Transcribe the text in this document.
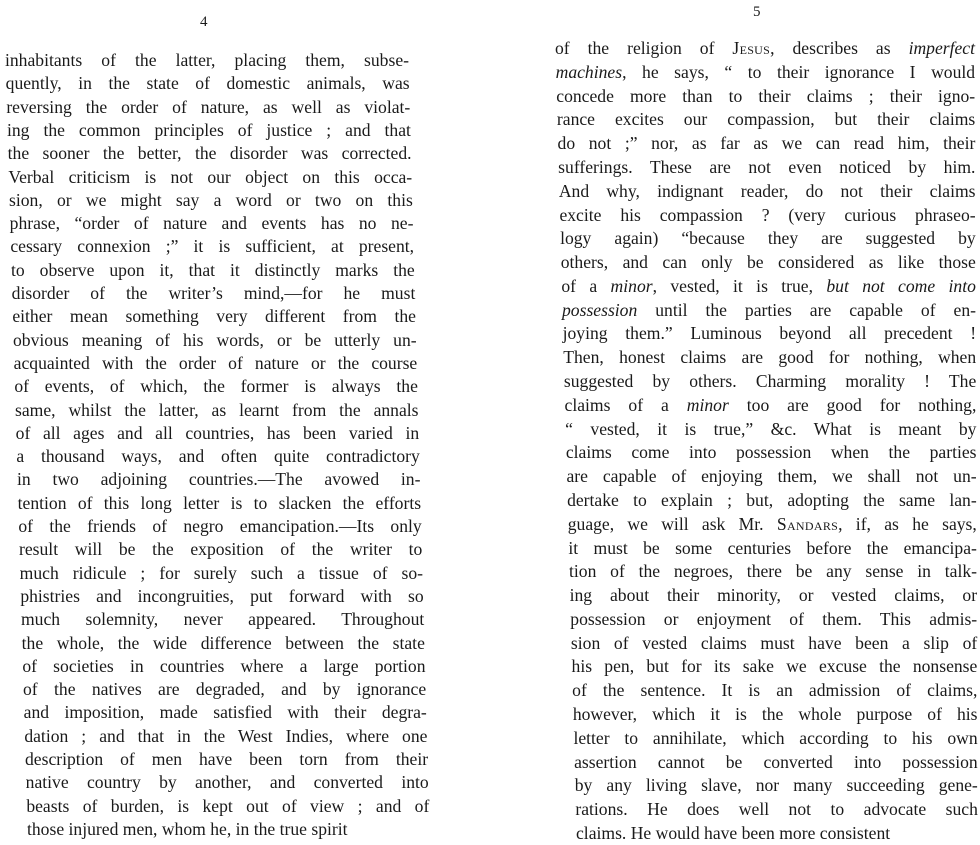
4
inhabitants of the latter, placing them, subse-
quently, in the state of domestic animals, was
reversing the order of nature, as well as violat-
ing the common principles of justice ; and that
the sooner the better, the disorder was corrected.
Verbal criticism is not our object on this occa-
sion, or we might say a word or two on this
phrase, “order of nature and events has no ne-
cessary connexion ;” it is sufficient, at present,
to observe upon it, that it distinctly marks the
disorder of the writer’s mind,—for he must
either mean something very different from the
obvious meaning of his words, or be utterly un-
acquainted with the order of nature or the course
of events, of which, the former is always the
same, whilst the latter, as learnt from the annals
of all ages and all countries, has been varied in
a thousand ways, and often quite contradictory
in two adjoining countries.—The avowed in-
tention of this long letter is to slacken the efforts
of the friends of negro emancipation.—Its only
result will be the exposition of the writer to
much ridicule ; for surely such a tissue of so-
phistries and incongruities, put forward with so
much solemnity, never appeared. Throughout
the whole, the wide difference between the state
of societies in countries where a large portion
of the natives are degraded, and by ignorance
and imposition, made satisfied with their degra-
dation ; and that in the West Indies, where one
description of men have been torn from their
native country by another, and converted into
beasts of burden, is kept out of view ; and of
those injured men, whom he, in the true spirit
5
of the religion of Jesus, describes as imperfect
machines, he says, “ to their ignorance I would
concede more than to their claims ; their igno-
rance excites our compassion, but their claims
do not ;” nor, as far as we can read him, their
sufferings. These are not even noticed by him.
And why, indignant reader, do not their claims
excite his compassion ? (very curious phraseo-
logy again) “because they are suggested by
others, and can only be considered as like those
of a minor, vested, it is true, but not come into
possession until the parties are capable of en-
joying them.” Luminous beyond all precedent !
Then, honest claims are good for nothing, when
suggested by others. Charming morality ! The
claims of a minor too are good for nothing,
“ vested, it is true,” &c. What is meant by
claims come into possession when the parties
are capable of enjoying them, we shall not un-
dertake to explain ; but, adopting the same lan-
guage, we will ask Mr. Sandars, if, as he says,
it must be some centuries before the emancipa-
tion of the negroes, there be any sense in talk-
ing about their minority, or vested claims, or
possession or enjoyment of them. This admis-
sion of vested claims must have been a slip of
his pen, but for its sake we excuse the nonsense
of the sentence. It is an admission of claims,
however, which it is the whole purpose of his
letter to annihilate, which according to his own
assertion cannot be converted into possession
by any living slave, nor many succeeding gene-
rations. He does well not to advocate such
claims. He would have been more consistent
